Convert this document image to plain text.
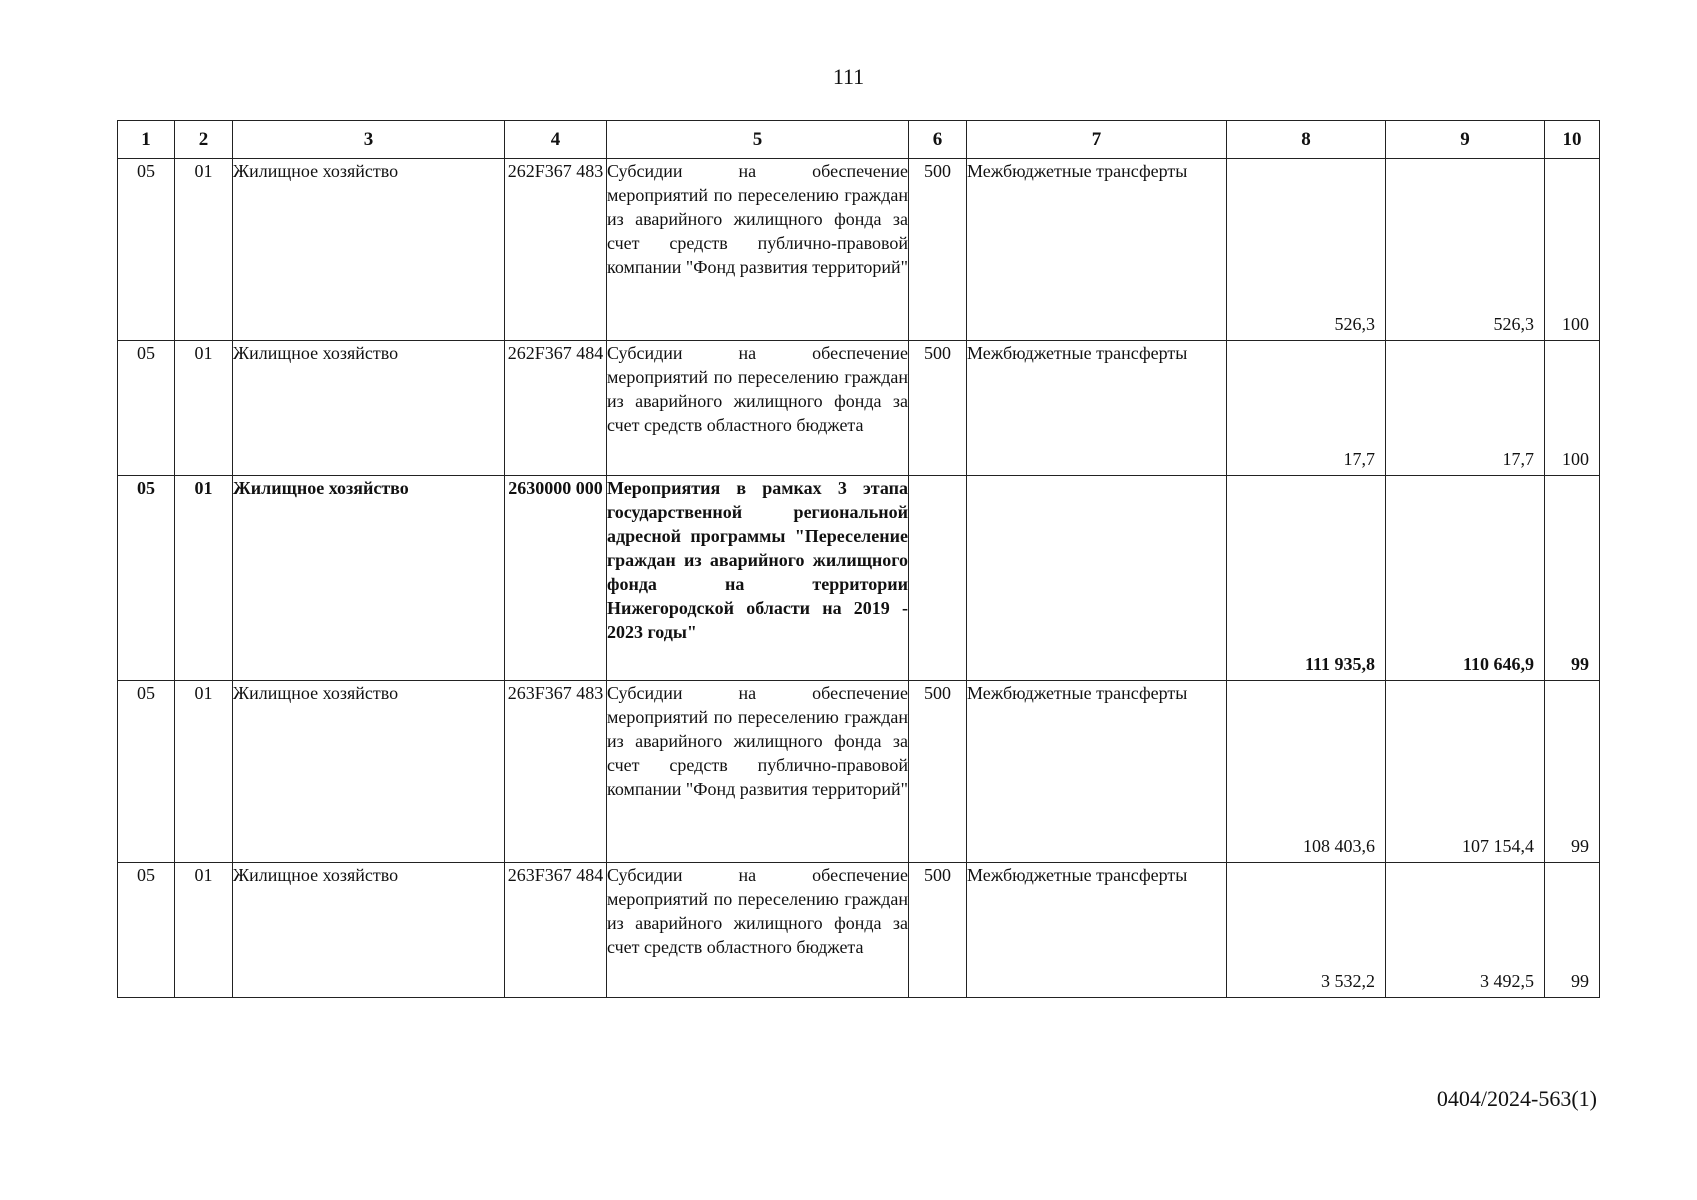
111
1	2	3	4	5	6	7	8	9	10
05	01	Жилищное хозяйство	262F367 483	Субсидии на обеспечение мероприятий по переселению граждан из аварийного жилищного фонда за счет средств публично-правовой компании "Фонд развития территорий"	500	Межбюджетные трансферты	526,3	526,3	100
05	01	Жилищное хозяйство	262F367 484	Субсидии на обеспечение мероприятий по переселению граждан из аварийного жилищного фонда за счет средств областного бюджета	500	Межбюджетные трансферты	17,7	17,7	100
05	01	Жилищное хозяйство	2630000 000	Мероприятия в рамках 3 этапа государственной региональной адресной программы "Переселение граждан из аварийного жилищного фонда на территории Нижегородской области на 2019 - 2023 годы"			111 935,8	110 646,9	99
05	01	Жилищное хозяйство	263F367 483	Субсидии на обеспечение мероприятий по переселению граждан из аварийного жилищного фонда за счет средств публично-правовой компании "Фонд развития территорий"	500	Межбюджетные трансферты	108 403,6	107 154,4	99
05	01	Жилищное хозяйство	263F367 484	Субсидии на обеспечение мероприятий по переселению граждан из аварийного жилищного фонда за счет средств областного бюджета	500	Межбюджетные трансферты	3 532,2	3 492,5	99
0404/2024-563(1)
